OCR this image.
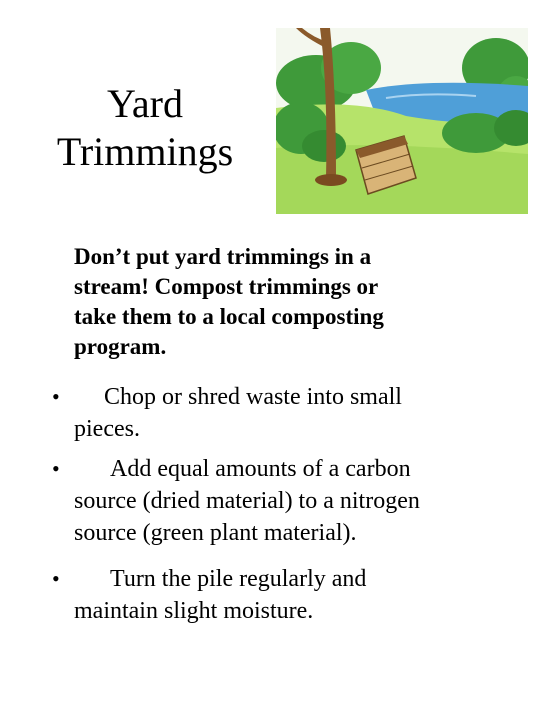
Yard
Trimmings
Don’t put yard trimmings in a
stream! Compost trimmings or
take them to a local composting
program.
• Chop or shred waste into small
pieces.
• Add equal amounts of a carbon
source (dried material) to a nitrogen
source (green plant material).
• Turn the pile regularly and
maintain slight moisture.
